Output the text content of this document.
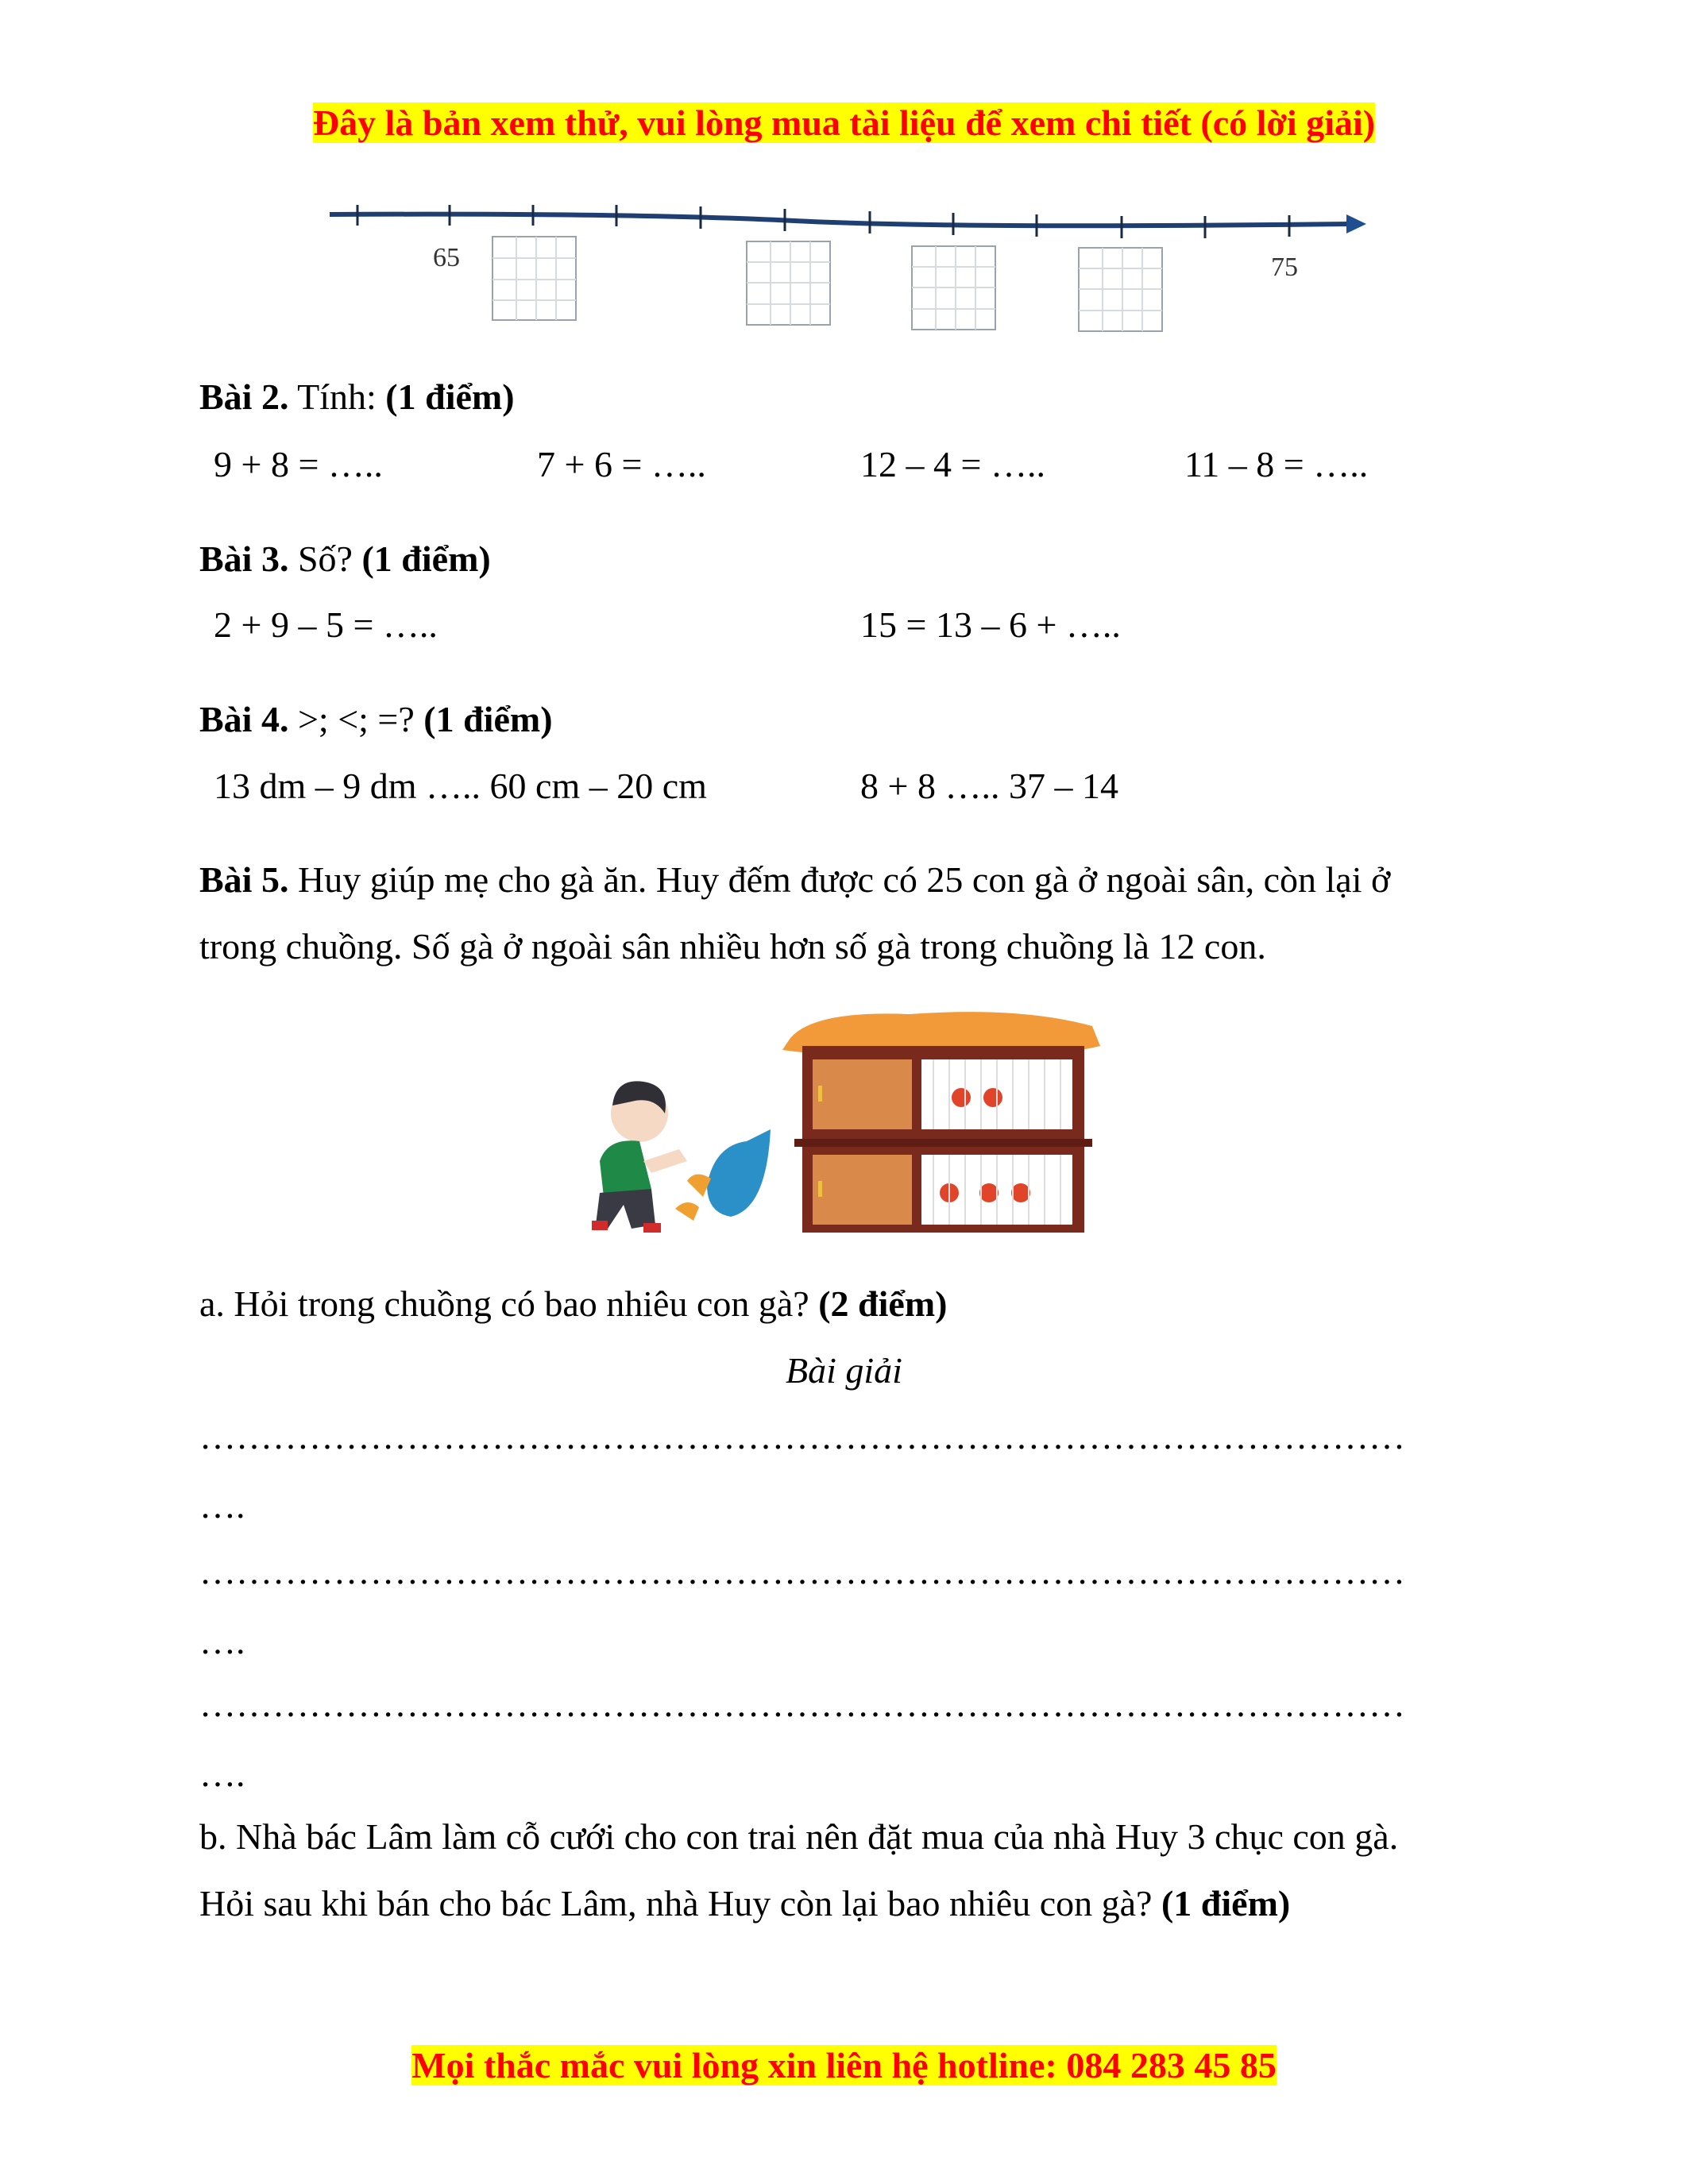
Đây là bản xem thử, vui lòng mua tài liệu để xem chi tiết (có lời giải)
65	75
Bài 2. Tính: (1 điểm)
9 + 8 = …..	7 + 6 = …..	12 – 4 = …..	11 – 8 = …..
Bài 3. Số? (1 điểm)
2 + 9 – 5 = …..	15 = 13 – 6 + …..
Bài 4. >; <; =? (1 điểm)
13 dm – 9 dm ….. 60 cm – 20 cm	8 + 8 ….. 37 – 14
Bài 5. Huy giúp mẹ cho gà ăn. Huy đếm được có 25 con gà ở ngoài sân, còn lại ở
trong chuồng. Số gà ở ngoài sân nhiều hơn số gà trong chuồng là 12 con.
a. Hỏi trong chuồng có bao nhiêu con gà? (2 điểm)
Bài giải
………………………………………………………………………………………
….
………………………………………………………………………………………
….
………………………………………………………………………………………
….
b. Nhà bác Lâm làm cỗ cưới cho con trai nên đặt mua của nhà Huy 3 chục con gà.
Hỏi sau khi bán cho bác Lâm, nhà Huy còn lại bao nhiêu con gà? (1 điểm)
Mọi thắc mắc vui lòng xin liên hệ hotline: 084 283 45 85
